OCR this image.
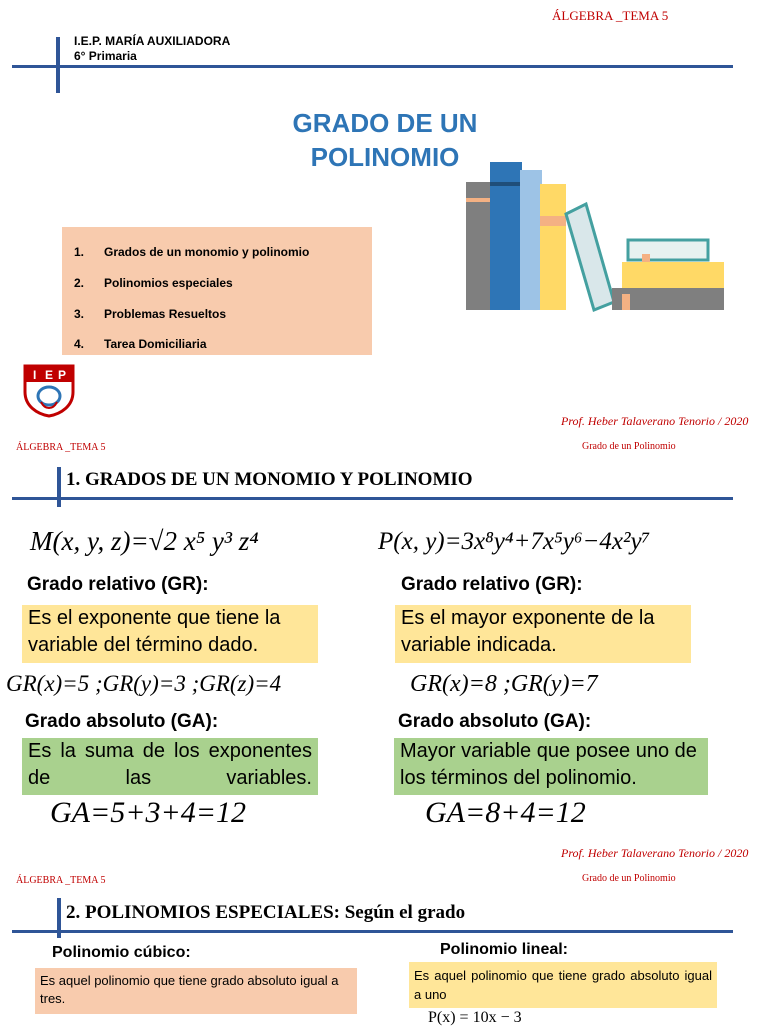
ÁLGEBRA _TEMA 5
I.E.P. MARÍA AUXILIADORA
6° Primaria
GRADO DE UN
POLINOMIO
1. Grados de un monomio y polinomio
2. Polinomios especiales
3. Problemas Resueltos
4. Tarea Domiciliaria
I E P
Prof. Heber Talaverano Tenorio / 2020
ÁLGEBRA _TEMA 5	Grado de un Polinomio
1. GRADOS DE UN MONOMIO Y POLINOMIO
M(x, y, z)=√2 x⁵ y³ z⁴
Grado relativo (GR):
Es el exponente que tiene la variable del término dado.
GR(x)=5 ;GR(y)=3 ;GR(z)=4
Grado absoluto (GA):
Es la suma de los exponentes de las variables.
GA=5+3+4=12
P(x, y)=3x⁸y⁴+7x⁵y⁶−4x²y⁷
Grado relativo (GR):
Es el mayor exponente de la variable indicada.
GR(x)=8 ;GR(y)=7
Grado absoluto (GA):
Mayor variable que posee uno de los términos del polinomio.
GA=8+4=12
Prof. Heber Talaverano Tenorio / 2020
ÁLGEBRA _TEMA 5	Grado de un Polinomio
2. POLINOMIOS ESPECIALES: Según el grado
Polinomio cúbico:
Es aquel polinomio que tiene grado absoluto igual a tres.
Polinomio lineal:
Es aquel polinomio que tiene grado absoluto igual a uno
P(x) = 10x − 3
